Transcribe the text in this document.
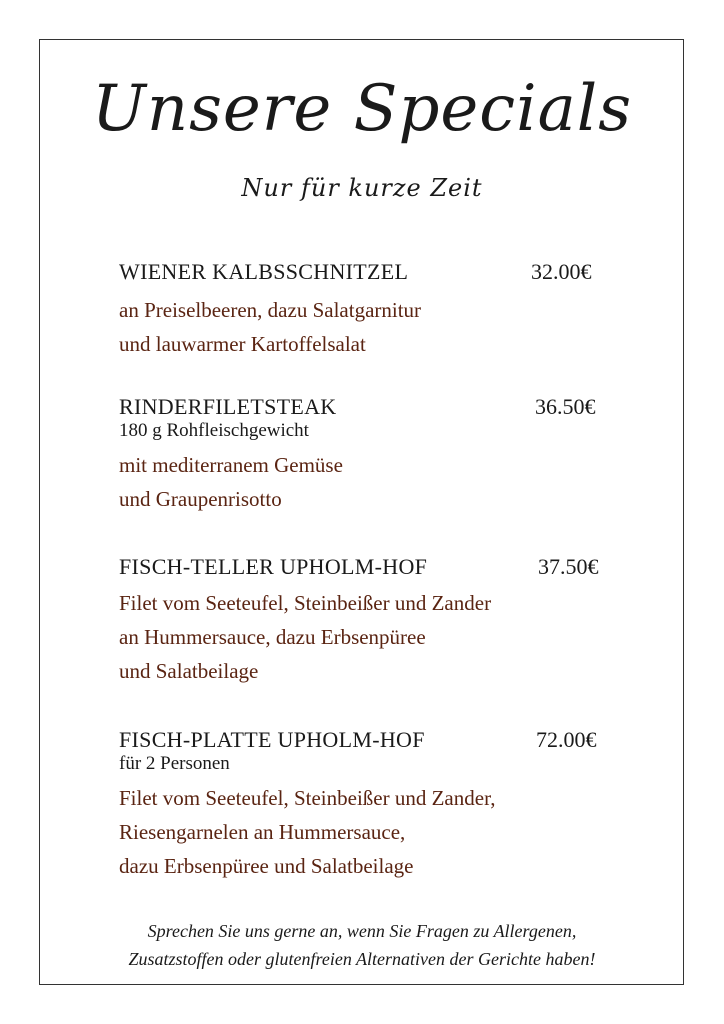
Unsere Specials
Nur für kurze Zeit
WIENER KALBSSCHNITZEL	32.00€
an Preiselbeeren, dazu Salatgarnitur
und lauwarmer Kartoffelsalat
RINDERFILETSTEAK	36.50€
180 g Rohfleischgewicht
mit mediterranem Gemüse
und Graupenrisotto
FISCH-TELLER UPHOLM-HOF	37.50€
Filet vom Seeteufel, Steinbeißer und Zander
an Hummersauce, dazu Erbsenpüree
und Salatbeilage
FISCH-PLATTE UPHOLM-HOF	72.00€
für 2 Personen
Filet vom Seeteufel, Steinbeißer und Zander,
Riesengarnelen an Hummersauce,
dazu Erbsenpüree und Salatbeilage
Sprechen Sie uns gerne an, wenn Sie Fragen zu Allergenen,
Zusatzstoffen oder glutenfreien Alternativen der Gerichte haben!
